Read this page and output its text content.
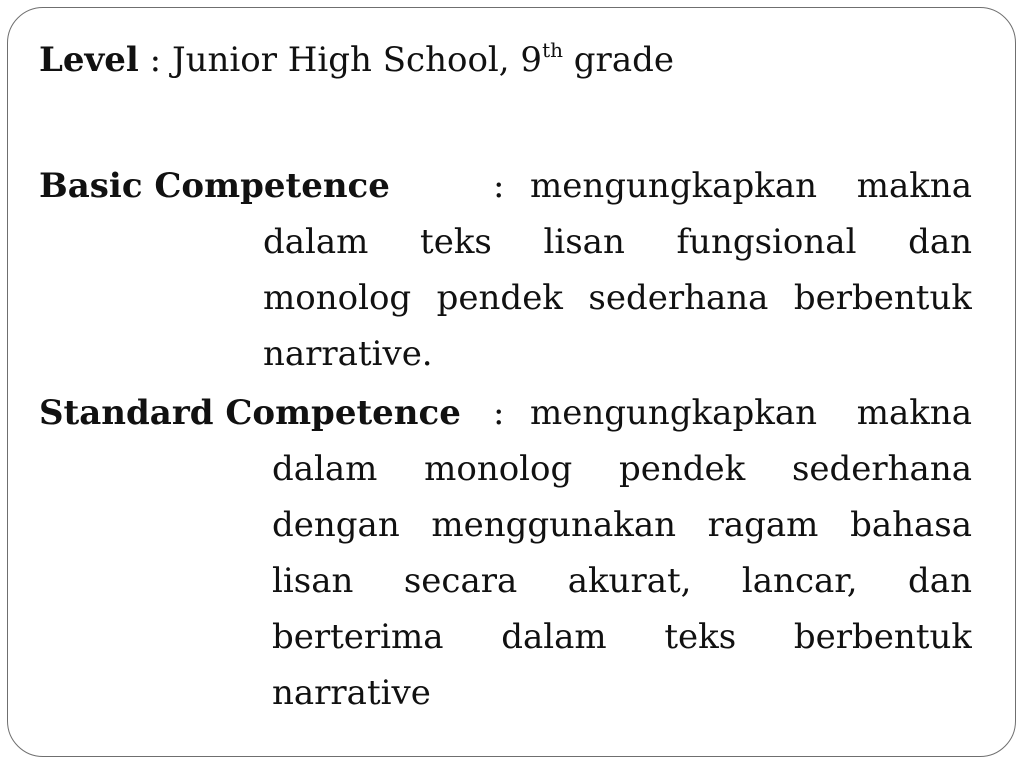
Level : Junior High School, 9th grade
Basic Competence	: mengungkapkan makna
dalam teks lisan fungsional dan
monolog pendek sederhana berbentuk
narrative.
Standard Competence : mengungkapkan makna
dalam monolog pendek sederhana
dengan menggunakan ragam bahasa
lisan secara akurat, lancar, dan
berterima dalam teks berbentuk
narrative
